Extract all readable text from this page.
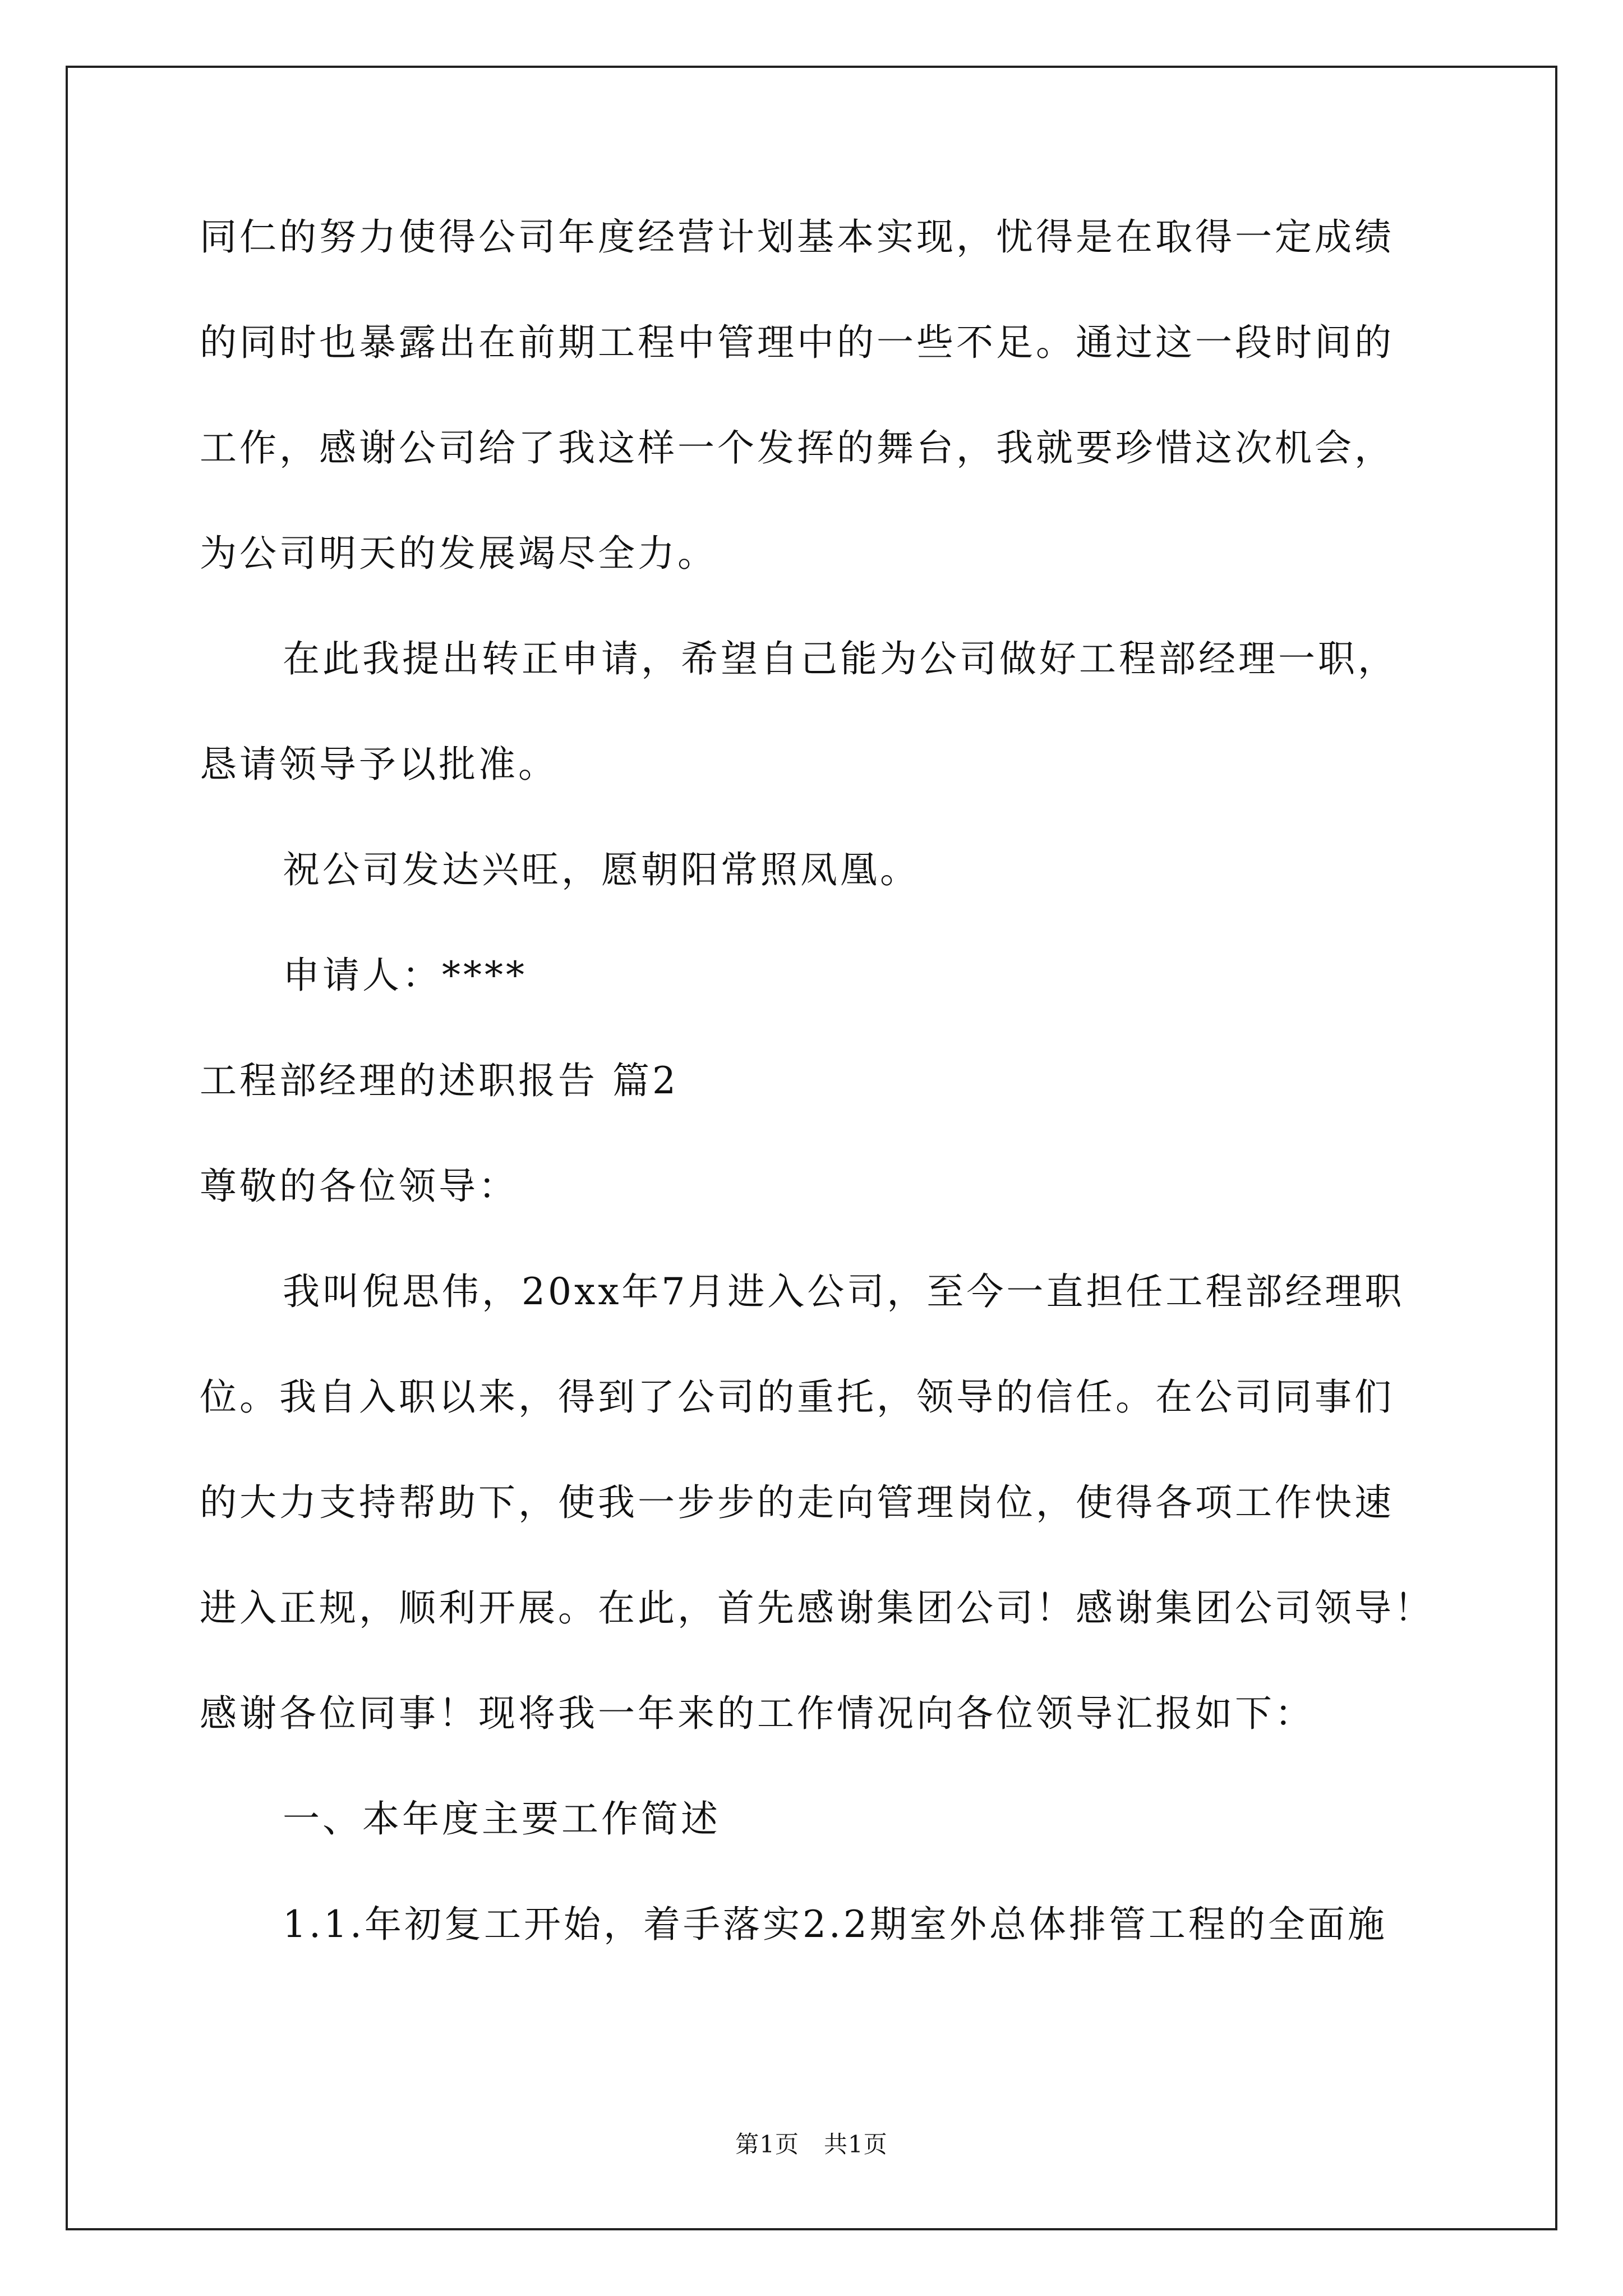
同仁的努力使得公司年度经营计划基本实现，忧得是在取得一定成绩
的同时也暴露出在前期工程中管理中的一些不足。通过这一段时间的
工作，感谢公司给了我这样一个发挥的舞台，我就要珍惜这次机会，
为公司明天的发展竭尽全力。
在此我提出转正申请，希望自己能为公司做好工程部经理一职，
恳请领导予以批准。
祝公司发达兴旺，愿朝阳常照凤凰。
申请人：****
工程部经理的述职报告 篇2
尊敬的各位领导：
我叫倪思伟，20xx年7月进入公司，至今一直担任工程部经理职
位。我自入职以来，得到了公司的重托，领导的信任。在公司同事们
的大力支持帮助下，使我一步步的走向管理岗位，使得各项工作快速
进入正规，顺利开展。在此，首先感谢集团公司！感谢集团公司领导！
感谢各位同事！现将我一年来的工作情况向各位领导汇报如下：
一、本年度主要工作简述
1.1.年初复工开始，着手落实2.2期室外总体排管工程的全面施
第1页 共1页
